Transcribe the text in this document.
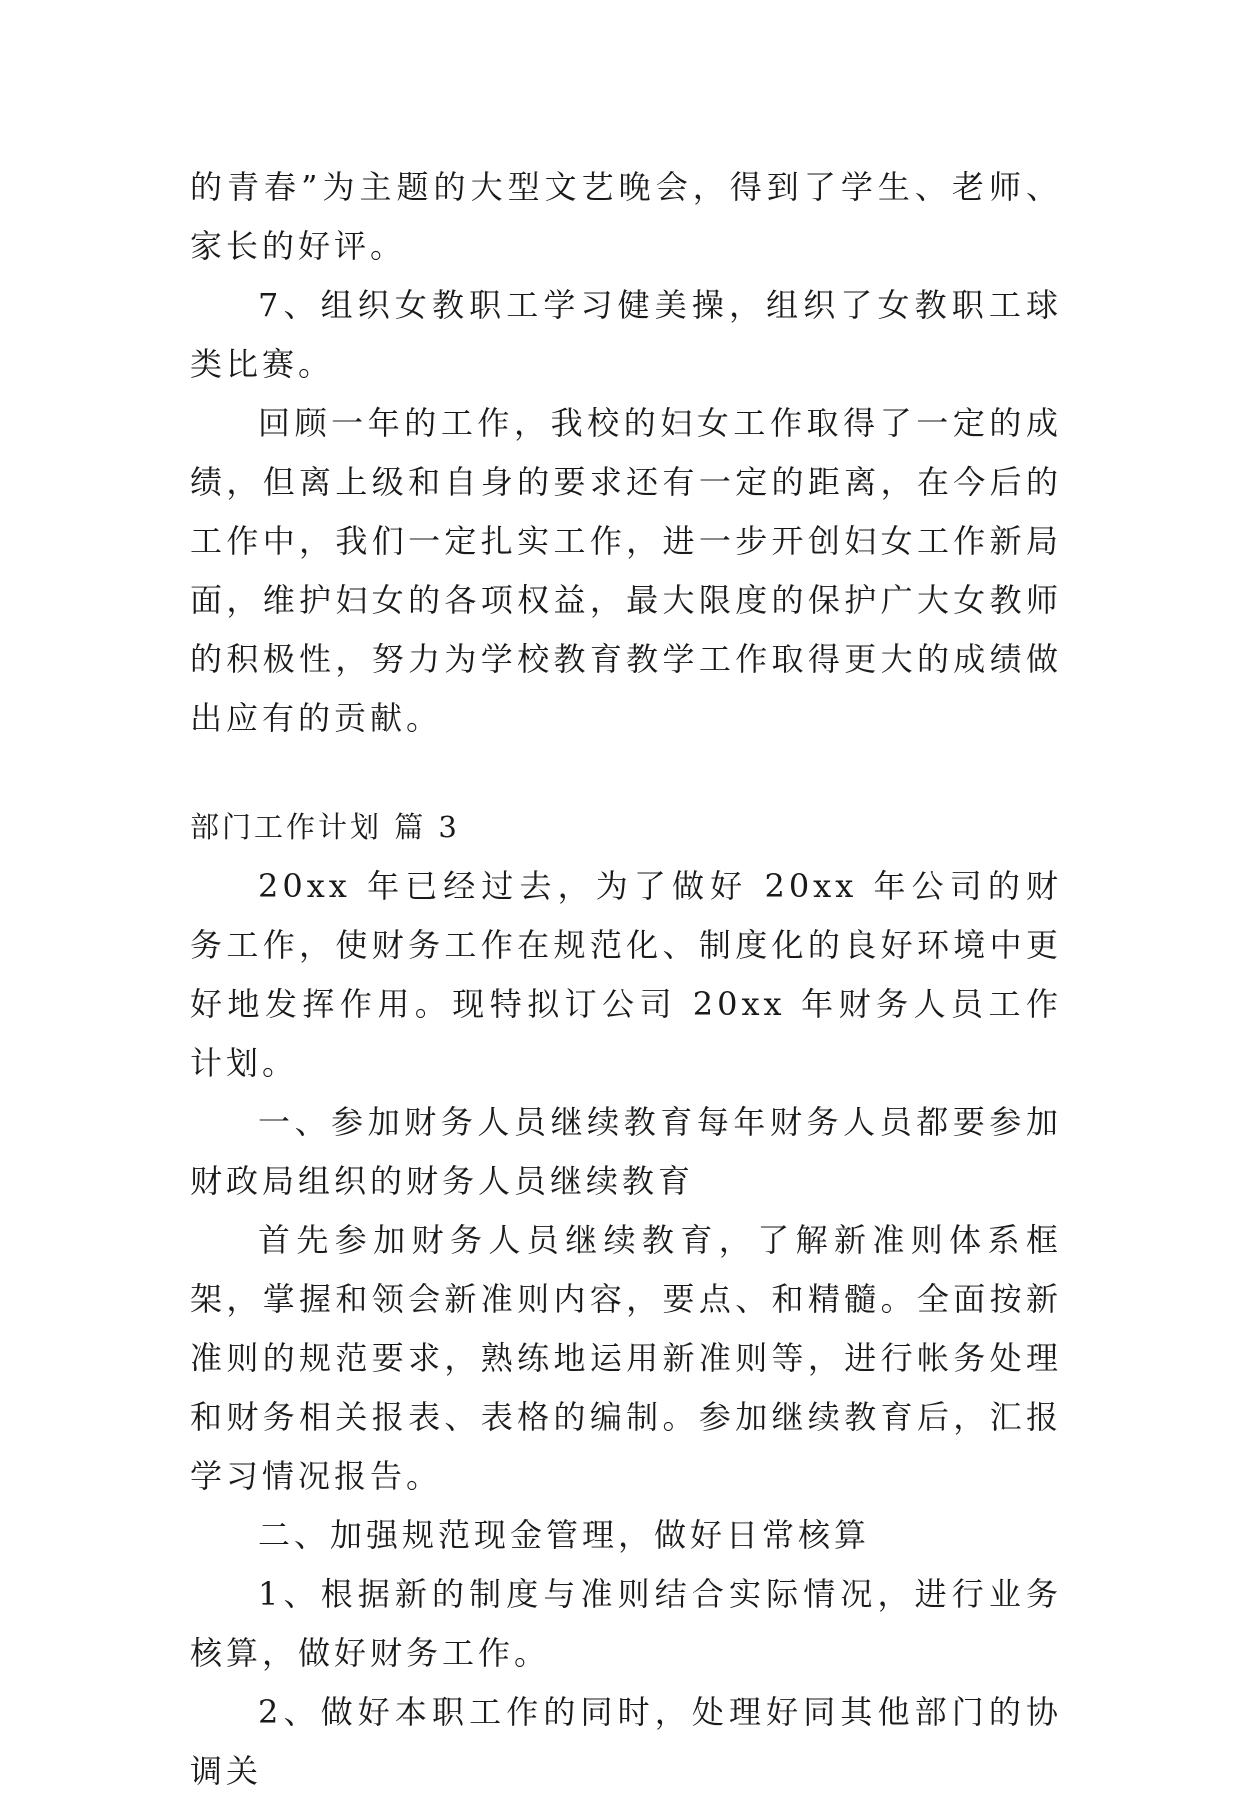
的青春”为主题的大型文艺晚会，得到了学生、老师、家长的好评。

7、组织女教职工学习健美操，组织了女教职工球类比赛。

回顾一年的工作，我校的妇女工作取得了一定的成绩，但离上级和自身的要求还有一定的距离，在今后的工作中，我们一定扎实工作，进一步开创妇女工作新局面，维护妇女的各项权益，最大限度的保护广大女教师的积极性，努力为学校教育教学工作取得更大的成绩做出应有的贡献。

部门工作计划 篇 3

20xx 年已经过去，为了做好 20xx 年公司的财务工作，使财务工作在规范化、制度化的良好环境中更好地发挥作用。现特拟订公司 20xx 年财务人员工作计划。

一、参加财务人员继续教育每年财务人员都要参加财政局组织的财务人员继续教育

首先参加财务人员继续教育，了解新准则体系框架，掌握和领会新准则内容，要点、和精髓。全面按新准则的规范要求，熟练地运用新准则等，进行帐务处理和财务相关报表、表格的编制。参加继续教育后，汇报学习情况报告。

二、加强规范现金管理，做好日常核算

1、根据新的制度与准则结合实际情况，进行业务核算，做好财务工作。

2、做好本职工作的同时，处理好同其他部门的协调关
